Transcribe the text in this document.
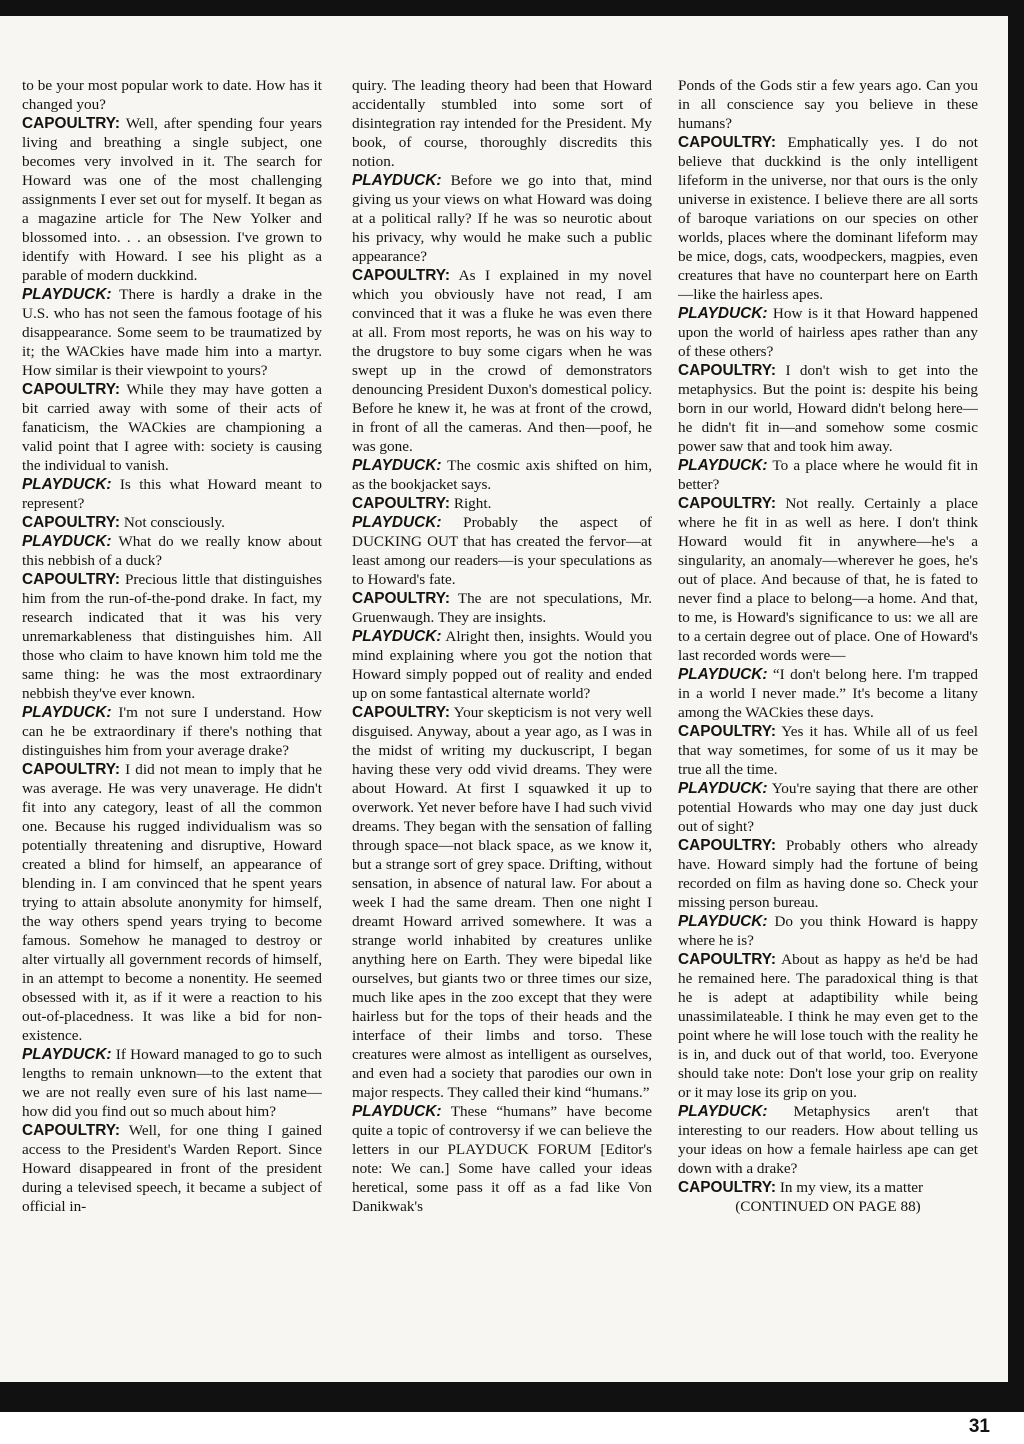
to be your most popular work to date. How has it changed you?

CAPOULTRY: Well, after spending four years living and breathing a single subject, one becomes very involved in it. The search for Howard was one of the most challenging assignments I ever set out for myself. It began as a magazine article for The New Yolker and blossomed into. . . an obsession. I've grown to identify with Howard. I see his plight as a parable of modern duckkind.

PLAYDUCK: There is hardly a drake in the U.S. who has not seen the famous footage of his disappearance. Some seem to be traumatized by it; the WACkies have made him into a martyr. How similar is their viewpoint to yours?

CAPOULTRY: While they may have gotten a bit carried away with some of their acts of fanaticism, the WACkies are championing a valid point that I agree with: society is causing the individual to vanish.

PLAYDUCK: Is this what Howard meant to represent?

CAPOULTRY: Not consciously.

PLAYDUCK: What do we really know about this nebbish of a duck?

CAPOULTRY: Precious little that distinguishes him from the run-of-the-pond drake. In fact, my research indicated that it was his very unremarkableness that distinguishes him. All those who claim to have known him told me the same thing: he was the most extraordinary nebbish they've ever known.

PLAYDUCK: I'm not sure I understand. How can he be extraordinary if there's nothing that distinguishes him from your average drake?

CAPOULTRY: I did not mean to imply that he was average. He was very unaverage. He didn't fit into any category, least of all the common one. Because his rugged individualism was so potentially threatening and disruptive, Howard created a blind for himself, an appearance of blending in. I am convinced that he spent years trying to attain absolute anonymity for himself, the way others spend years trying to become famous. Somehow he managed to destroy or alter virtually all government records of himself, in an attempt to become a nonentity. He seemed obsessed with it, as if it were a reaction to his out-of-placedness. It was like a bid for non-existence.

PLAYDUCK: If Howard managed to go to such lengths to remain unknown—to the extent that we are not really even sure of his last name—how did you find out so much about him?

CAPOULTRY: Well, for one thing I gained access to the President's Warden Report. Since Howard disappeared in front of the president during a televised speech, it became a subject of official in-

quiry. The leading theory had been that Howard accidentally stumbled into some sort of disintegration ray intended for the President. My book, of course, thoroughly discredits this notion.

PLAYDUCK: Before we go into that, mind giving us your views on what Howard was doing at a political rally? If he was so neurotic about his privacy, why would he make such a public appearance?

CAPOULTRY: As I explained in my novel which you obviously have not read, I am convinced that it was a fluke he was even there at all. From most reports, he was on his way to the drugstore to buy some cigars when he was swept up in the crowd of demonstrators denouncing President Duxon's domestical policy. Before he knew it, he was at front of the crowd, in front of all the cameras. And then—poof, he was gone.

PLAYDUCK: The cosmic axis shifted on him, as the bookjacket says.

CAPOULTRY: Right.

PLAYDUCK: Probably the aspect of DUCKING OUT that has created the fervor—at least among our readers—is your speculations as to Howard's fate.

CAPOULTRY: The are not speculations, Mr. Gruenwaugh. They are insights.

PLAYDUCK: Alright then, insights. Would you mind explaining where you got the notion that Howard simply popped out of reality and ended up on some fantastical alternate world?

CAPOULTRY: Your skepticism is not very well disguised. Anyway, about a year ago, as I was in the midst of writing my duckuscript, I began having these very odd vivid dreams. They were about Howard. At first I squawked it up to overwork. Yet never before have I had such vivid dreams. They began with the sensation of falling through space—not black space, as we know it, but a strange sort of grey space. Drifting, without sensation, in absence of natural law. For about a week I had the same dream. Then one night I dreamt Howard arrived somewhere. It was a strange world inhabited by creatures unlike anything here on Earth. They were bipedal like ourselves, but giants two or three times our size, much like apes in the zoo except that they were hairless but for the tops of their heads and the interface of their limbs and torso. These creatures were almost as intelligent as ourselves, and even had a society that parodies our own in major respects. They called their kind “humans.”

PLAYDUCK: These “humans” have become quite a topic of controversy if we can believe the letters in our PLAYDUCK FORUM [Editor's note: We can.] Some have called your ideas heretical, some pass it off as a fad like Von Danikwak's

Ponds of the Gods stir a few years ago. Can you in all conscience say you believe in these humans?

CAPOULTRY: Emphatically yes. I do not believe that duckkind is the only intelligent lifeform in the universe, nor that ours is the only universe in existence. I believe there are all sorts of baroque variations on our species on other worlds, places where the dominant lifeform may be mice, dogs, cats, woodpeckers, magpies, even creatures that have no counterpart here on Earth—like the hairless apes.

PLAYDUCK: How is it that Howard happened upon the world of hairless apes rather than any of these others?

CAPOULTRY: I don't wish to get into the metaphysics. But the point is: despite his being born in our world, Howard didn't belong here—he didn't fit in—and somehow some cosmic power saw that and took him away.

PLAYDUCK: To a place where he would fit in better?

CAPOULTRY: Not really. Certainly a place where he fit in as well as here. I don't think Howard would fit in anywhere—he's a singularity, an anomaly—wherever he goes, he's out of place. And because of that, he is fated to never find a place to belong—a home. And that, to me, is Howard's significance to us: we all are to a certain degree out of place. One of Howard's last recorded words were—

PLAYDUCK: “I don't belong here. I'm trapped in a world I never made.” It's become a litany among the WACkies these days.

CAPOULTRY: Yes it has. While all of us feel that way sometimes, for some of us it may be true all the time.

PLAYDUCK: You're saying that there are other potential Howards who may one day just duck out of sight?

CAPOULTRY: Probably others who already have. Howard simply had the fortune of being recorded on film as having done so. Check your missing person bureau.

PLAYDUCK: Do you think Howard is happy where he is?

CAPOULTRY: About as happy as he'd be had he remained here. The paradoxical thing is that he is adept at adaptibility while being unassimilateable. I think he may even get to the point where he will lose touch with the reality he is in, and duck out of that world, too. Everyone should take note: Don't lose your grip on reality or it may lose its grip on you.

PLAYDUCK: Metaphysics aren't that interesting to our readers. How about telling us your ideas on how a female hairless ape can get down with a drake?

CAPOULTRY: In my view, its a matter

(CONTINUED ON PAGE 88)

31
